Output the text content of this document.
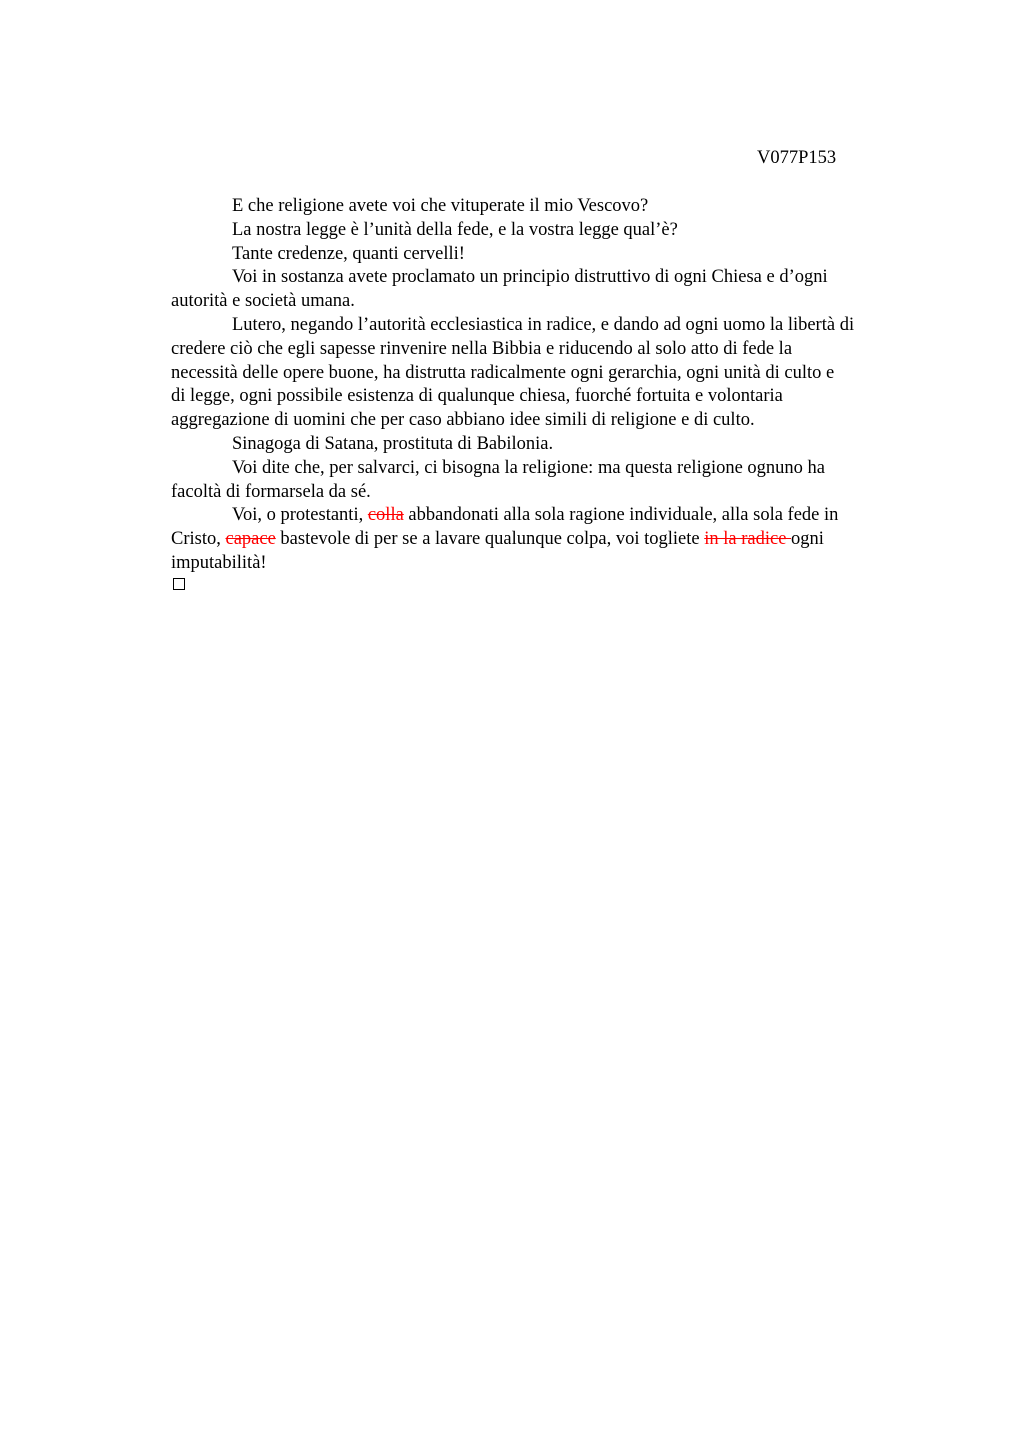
V077P153

E che religione avete voi che vituperate il mio Vescovo?

La nostra legge è l’unità della fede, e la vostra legge qual’è?

Tante credenze, quanti cervelli!

Voi in sostanza avete proclamato un principio distruttivo di ogni Chiesa e d’ogni
autorità e società umana.
Lutero, negando l’autorità ecclesiastica in radice, e dando ad ogni uomo la libertà di
credere ciò che egli sapesse rinvenire nella Bibbia e riducendo al solo atto di fede la
necessità delle opere buone, ha distrutta radicalmente ogni gerarchia, ogni unità di culto e
di legge, ogni possibile esistenza di qualunque chiesa, fuorché fortuita e volontaria
aggregazione di uomini che per caso abbiano idee simili di religione e di culto.

Sinagoga di Satana, prostituta di Babilonia.

Voi dite che, per salvarci, ci bisogna la religione: ma questa religione ognuno ha
facoltà di formarsela da sé.
Voi, o protestanti, colla abbandonati alla sola ragione individuale, alla sola fede in
Cristo, capace bastevole di per se a lavare qualunque colpa, voi togliete in la radice ogni
imputabilità!
